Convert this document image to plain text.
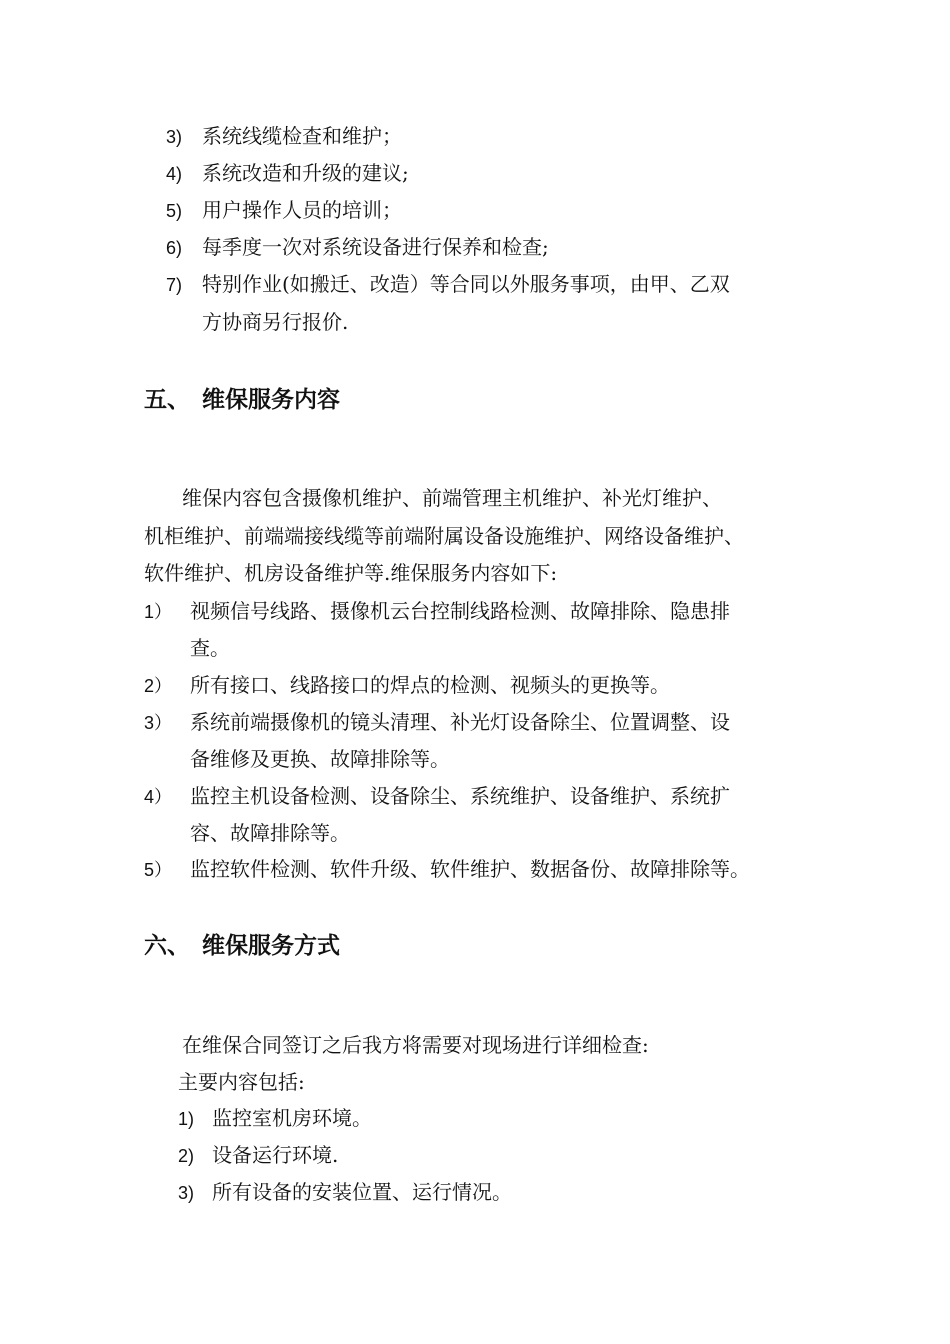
3) 系统线缆检查和维护；
4) 系统改造和升级的建议;
5) 用户操作人员的培训；
6) 每季度一次对系统设备进行保养和检查;
7) 特别作业(如搬迁、改造）等合同以外服务事项，由甲、乙双
方协商另行报价.
五、 维保服务内容
维保内容包含摄像机维护、前端管理主机维护、补光灯维护、
机柜维护、前端端接线缆等前端附属设备设施维护、网络设备维护、
软件维护、机房设备维护等.维保服务内容如下:
1） 视频信号线路、摄像机云台控制线路检测、故障排除、隐患排
查。
2） 所有接口、线路接口的焊点的检测、视频头的更换等。
3） 系统前端摄像机的镜头清理、补光灯设备除尘、位置调整、设
备维修及更换、故障排除等。
4） 监控主机设备检测、设备除尘、系统维护、设备维护、系统扩
容、故障排除等。
5） 监控软件检测、软件升级、软件维护、数据备份、故障排除等。
六、 维保服务方式
在维保合同签订之后我方将需要对现场进行详细检查:
主要内容包括:
1) 监控室机房环境。
2) 设备运行环境.
3) 所有设备的安装位置、运行情况。
